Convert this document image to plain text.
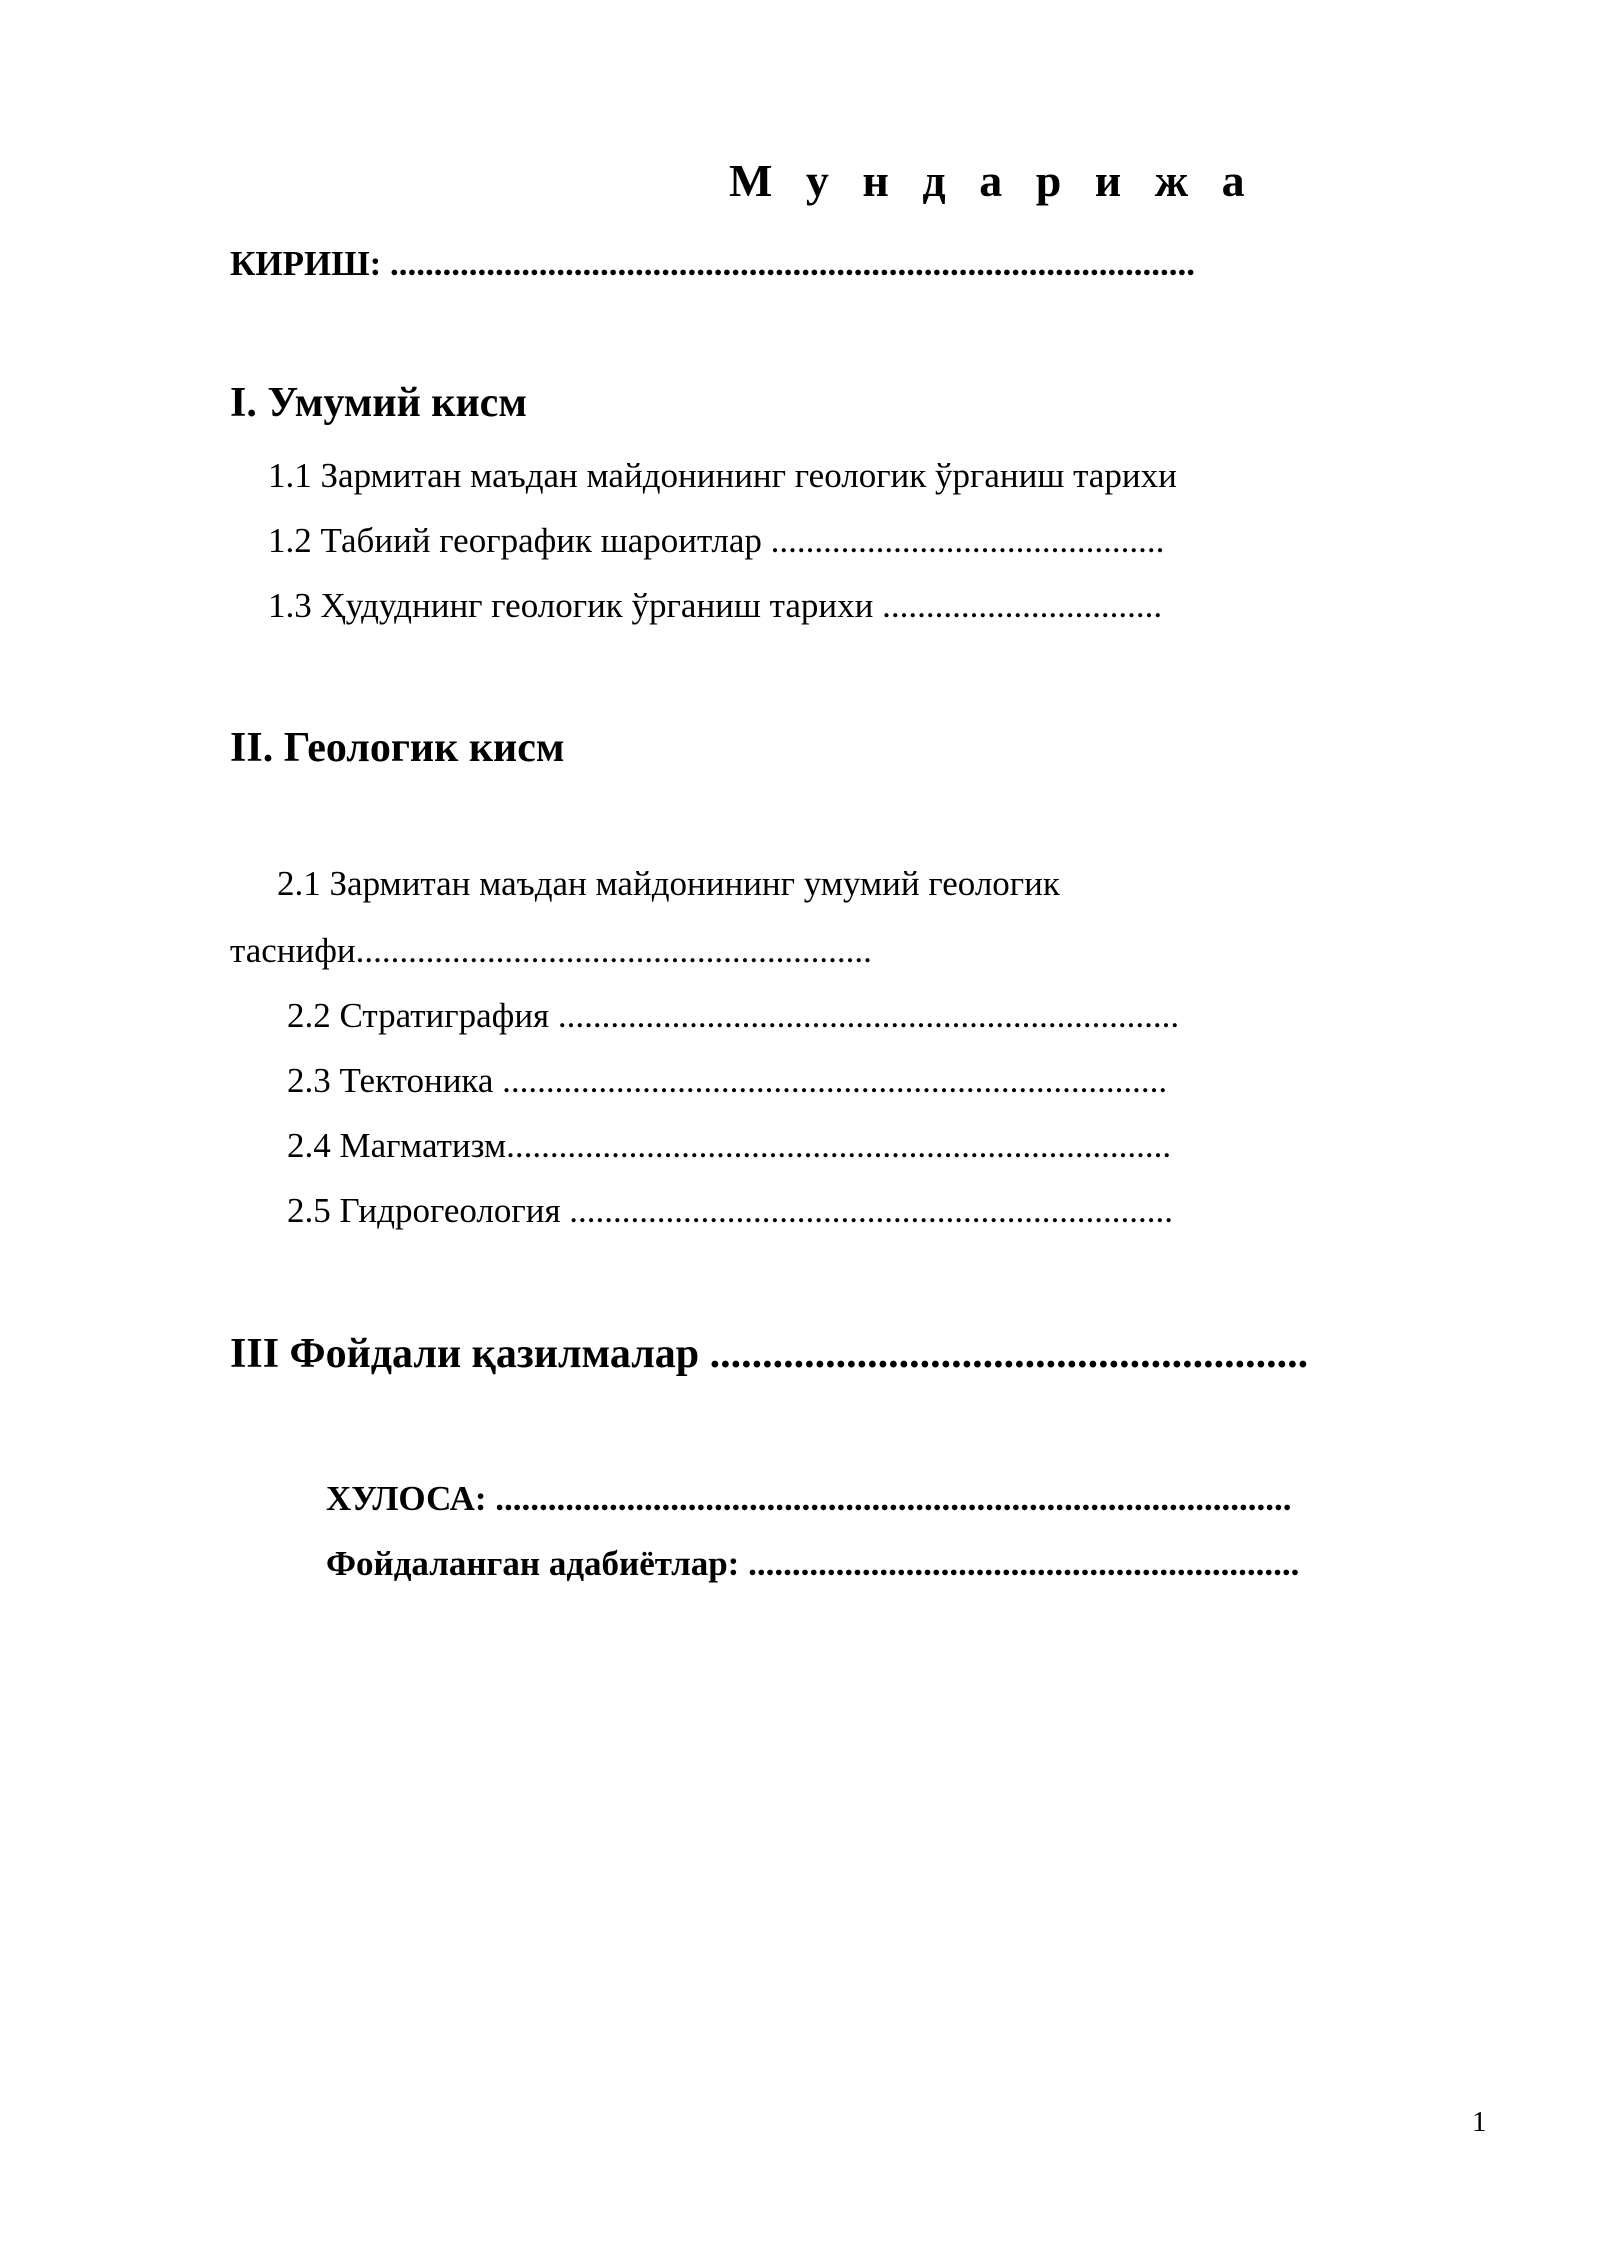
М у н д а р и ж а
КИРИШ: ............................................................................................
I. Умумий кисм
1.1 Зармитан маъдан майдонининг геологик ўрганиш тарихи
1.2 Табиий географик шароитлар .............................................
1.3 Ҳудуднинг геологик ўрганиш тарихи ................................
II. Геологик кисм
2.1 Зармитан маъдан майдонининг умумий геологик
таснифи...........................................................
2.2 Стратиграфия .......................................................................
2.3 Тектоника ............................................................................
2.4 Магматизм............................................................................
2.5 Гидрогеология .....................................................................
III Фойдали қазилмалар .........................................................
ХУЛОСА: ...........................................................................................
Фойдаланган адабиётлар: ...............................................................
1
